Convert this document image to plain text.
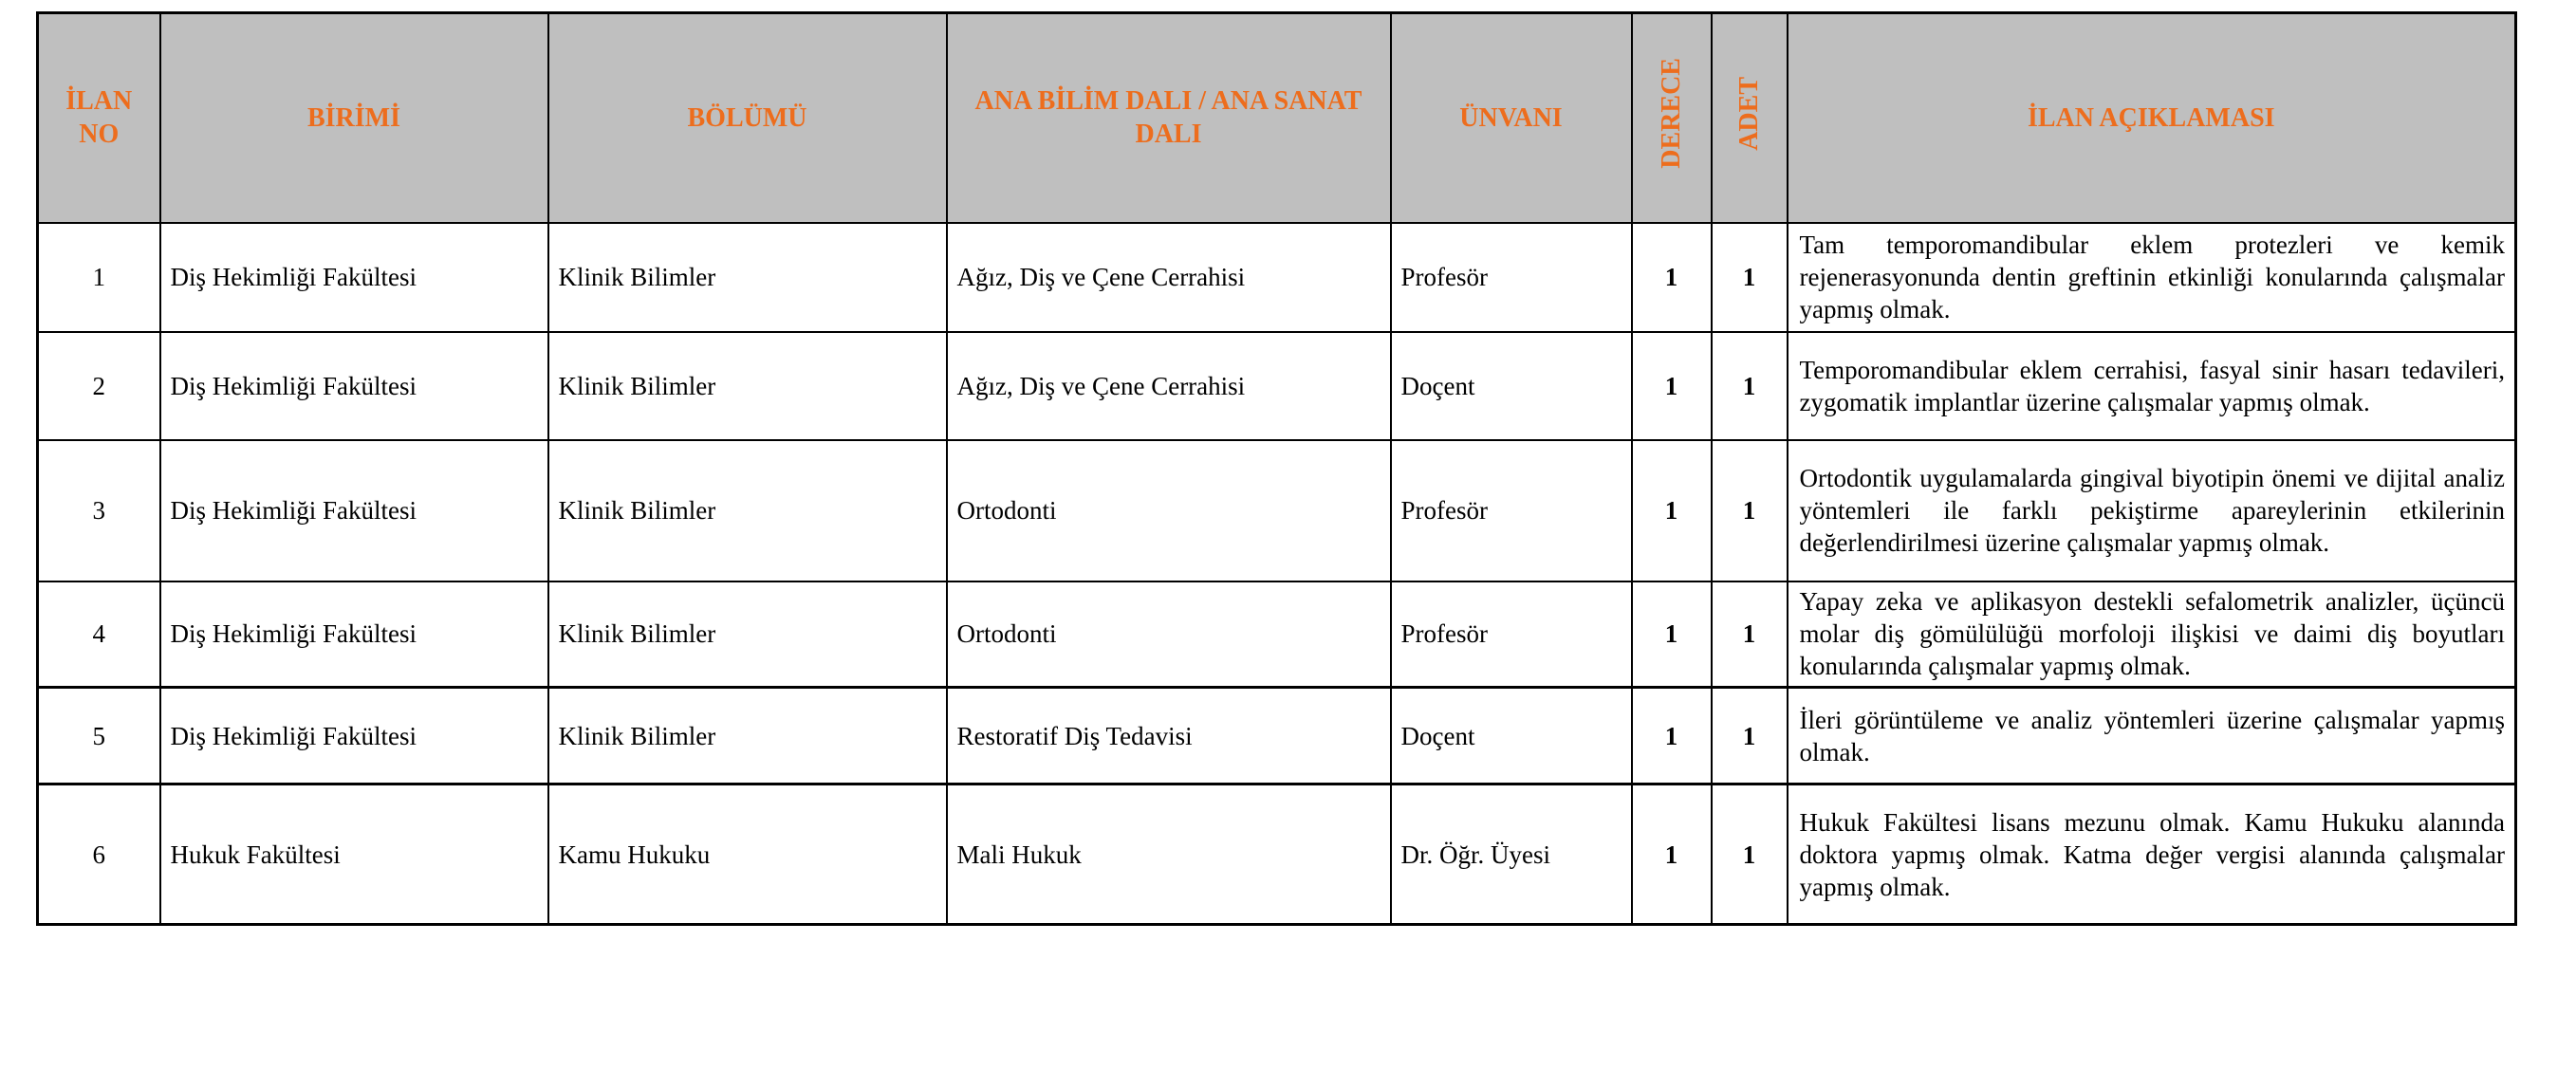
İLAN NO	BİRİMİ	BÖLÜMÜ	ANA BİLİM DALI / ANA SANAT DALI	ÜNVANI	DERECE	ADET	İLAN AÇIKLAMASI
1	Diş Hekimliği Fakültesi	Klinik Bilimler	Ağız, Diş ve Çene Cerrahisi	Profesör	1	1	Tam temporomandibular eklem protezleri ve kemik rejenerasyonunda dentin greftinin etkinliği konularında çalışmalar yapmış olmak.
2	Diş Hekimliği Fakültesi	Klinik Bilimler	Ağız, Diş ve Çene Cerrahisi	Doçent	1	1	Temporomandibular eklem cerrahisi, fasyal sinir hasarı tedavileri, zygomatik implantlar üzerine çalışmalar yapmış olmak.
3	Diş Hekimliği Fakültesi	Klinik Bilimler	Ortodonti	Profesör	1	1	Ortodontik uygulamalarda gingival biyotipin önemi ve dijital analiz yöntemleri ile farklı pekiştirme apareylerinin etkilerinin değerlendirilmesi üzerine çalışmalar yapmış olmak.
4	Diş Hekimliği Fakültesi	Klinik Bilimler	Ortodonti	Profesör	1	1	Yapay zeka ve aplikasyon destekli sefalometrik analizler, üçüncü molar diş gömülülüğü morfoloji ilişkisi ve daimi diş boyutları konularında çalışmalar yapmış olmak.
5	Diş Hekimliği Fakültesi	Klinik Bilimler	Restoratif Diş Tedavisi	Doçent	1	1	İleri görüntüleme ve analiz yöntemleri üzerine çalışmalar yapmış olmak.
6	Hukuk Fakültesi	Kamu Hukuku	Mali Hukuk	Dr. Öğr. Üyesi	1	1	Hukuk Fakültesi lisans mezunu olmak. Kamu Hukuku alanında doktora yapmış olmak. Katma değer vergisi alanında çalışmalar yapmış olmak.
